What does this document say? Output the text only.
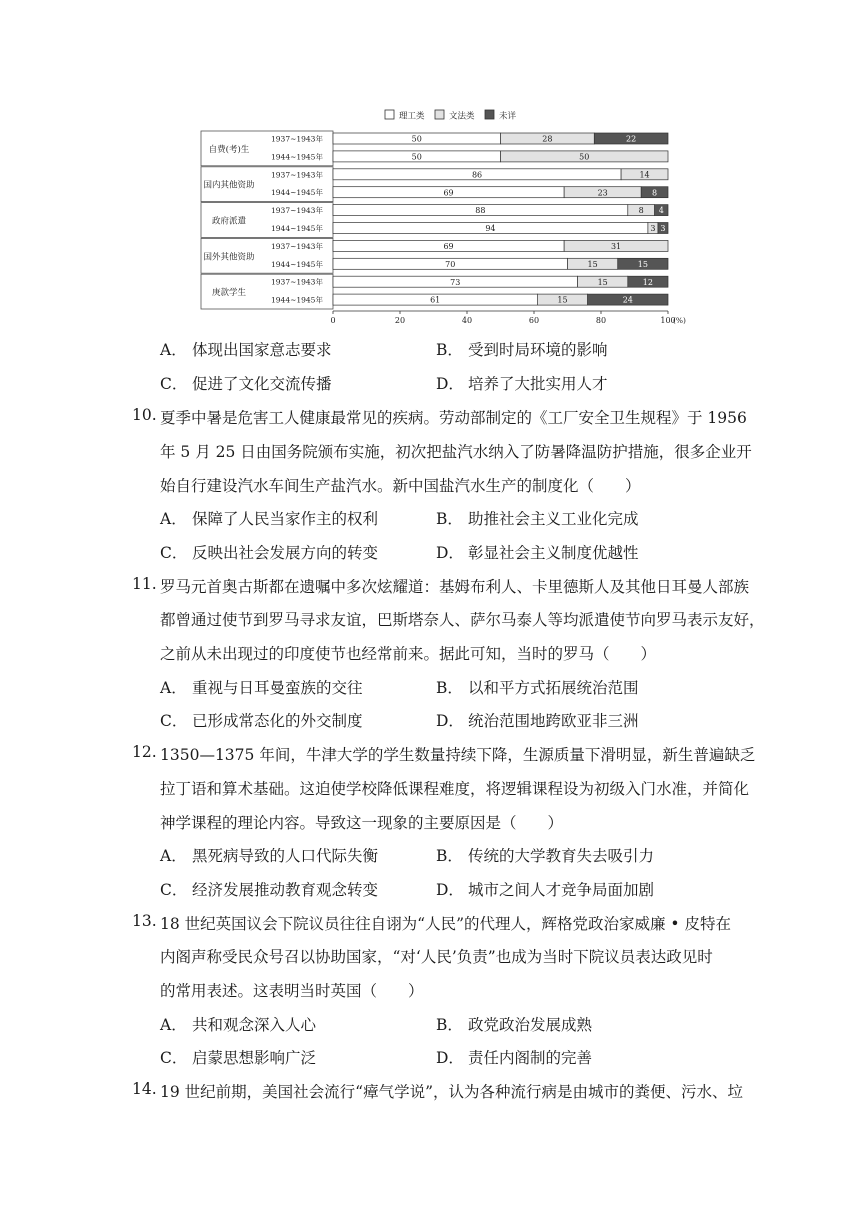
理工类	文法类	未详
自费(考)生
国内其他资助
政府派遣
国外其他资助
庚款学生
1937~1943年	50	28	22
1944~1945年	50	50
1937~1943年	86	14
1944~1945年	69	23	8
1937~1943年	88	8 4
1944~1945年	94	3 3
1937~1943年	69	31
1944~1945年	70	15	15
1937~1943年	73	15	12
1944~1945年	61	15	24
0	20	40	60	80	100
(%)
A． 体现出国家意志要求	B． 受到时局环境的影响
C． 促进了文化交流传播	D． 培养了大批实用人才
10. 夏季中暑是危害工人健康最常见的疾病。劳动部制定的《工厂安全卫生规程》于 1956
年 5 月 25 日由国务院颁布实施，初次把盐汽水纳入了防暑降温防护措施，很多企业开
始自行建设汽水车间生产盐汽水。新中国盐汽水生产的制度化（　　）
A． 保障了人民当家作主的权利	B． 助推社会主义工业化完成
C． 反映出社会发展方向的转变	D． 彰显社会主义制度优越性
11. 罗马元首奥古斯都在遗嘱中多次炫耀道：基姆布利人、卡里德斯人及其他日耳曼人部族
都曾通过使节到罗马寻求友谊，巴斯塔奈人、萨尔马泰人等均派遣使节向罗马表示友好，
之前从未出现过的印度使节也经常前来。据此可知，当时的罗马（　　）
A． 重视与日耳曼蛮族的交往	B． 以和平方式拓展统治范围
C． 已形成常态化的外交制度	D． 统治范围地跨欧亚非三洲
12. 1350—1375 年间，牛津大学的学生数量持续下降，生源质量下滑明显，新生普遍缺乏
拉丁语和算术基础。这迫使学校降低课程难度，将逻辑课程设为初级入门水准，并简化
神学课程的理论内容。导致这一现象的主要原因是（　　）
A． 黑死病导致的人口代际失衡	B． 传统的大学教育失去吸引力
C． 经济发展推动教育观念转变	D． 城市之间人才竞争局面加剧
13. 18 世纪英国议会下院议员往往自诩为“人民”的代理人，辉格党政治家威廉 • 皮特在
内阁声称受民众号召以协助国家，“对‘人民’负责”也成为当时下院议员表达政见时
的常用表述。这表明当时英国（　　）
A． 共和观念深入人心	B． 政党政治发展成熟
C． 启蒙思想影响广泛	D． 责任内阁制的完善
14. 19 世纪前期，美国社会流行“瘴气学说”，认为各种流行病是由城市的粪便、污水、垃
